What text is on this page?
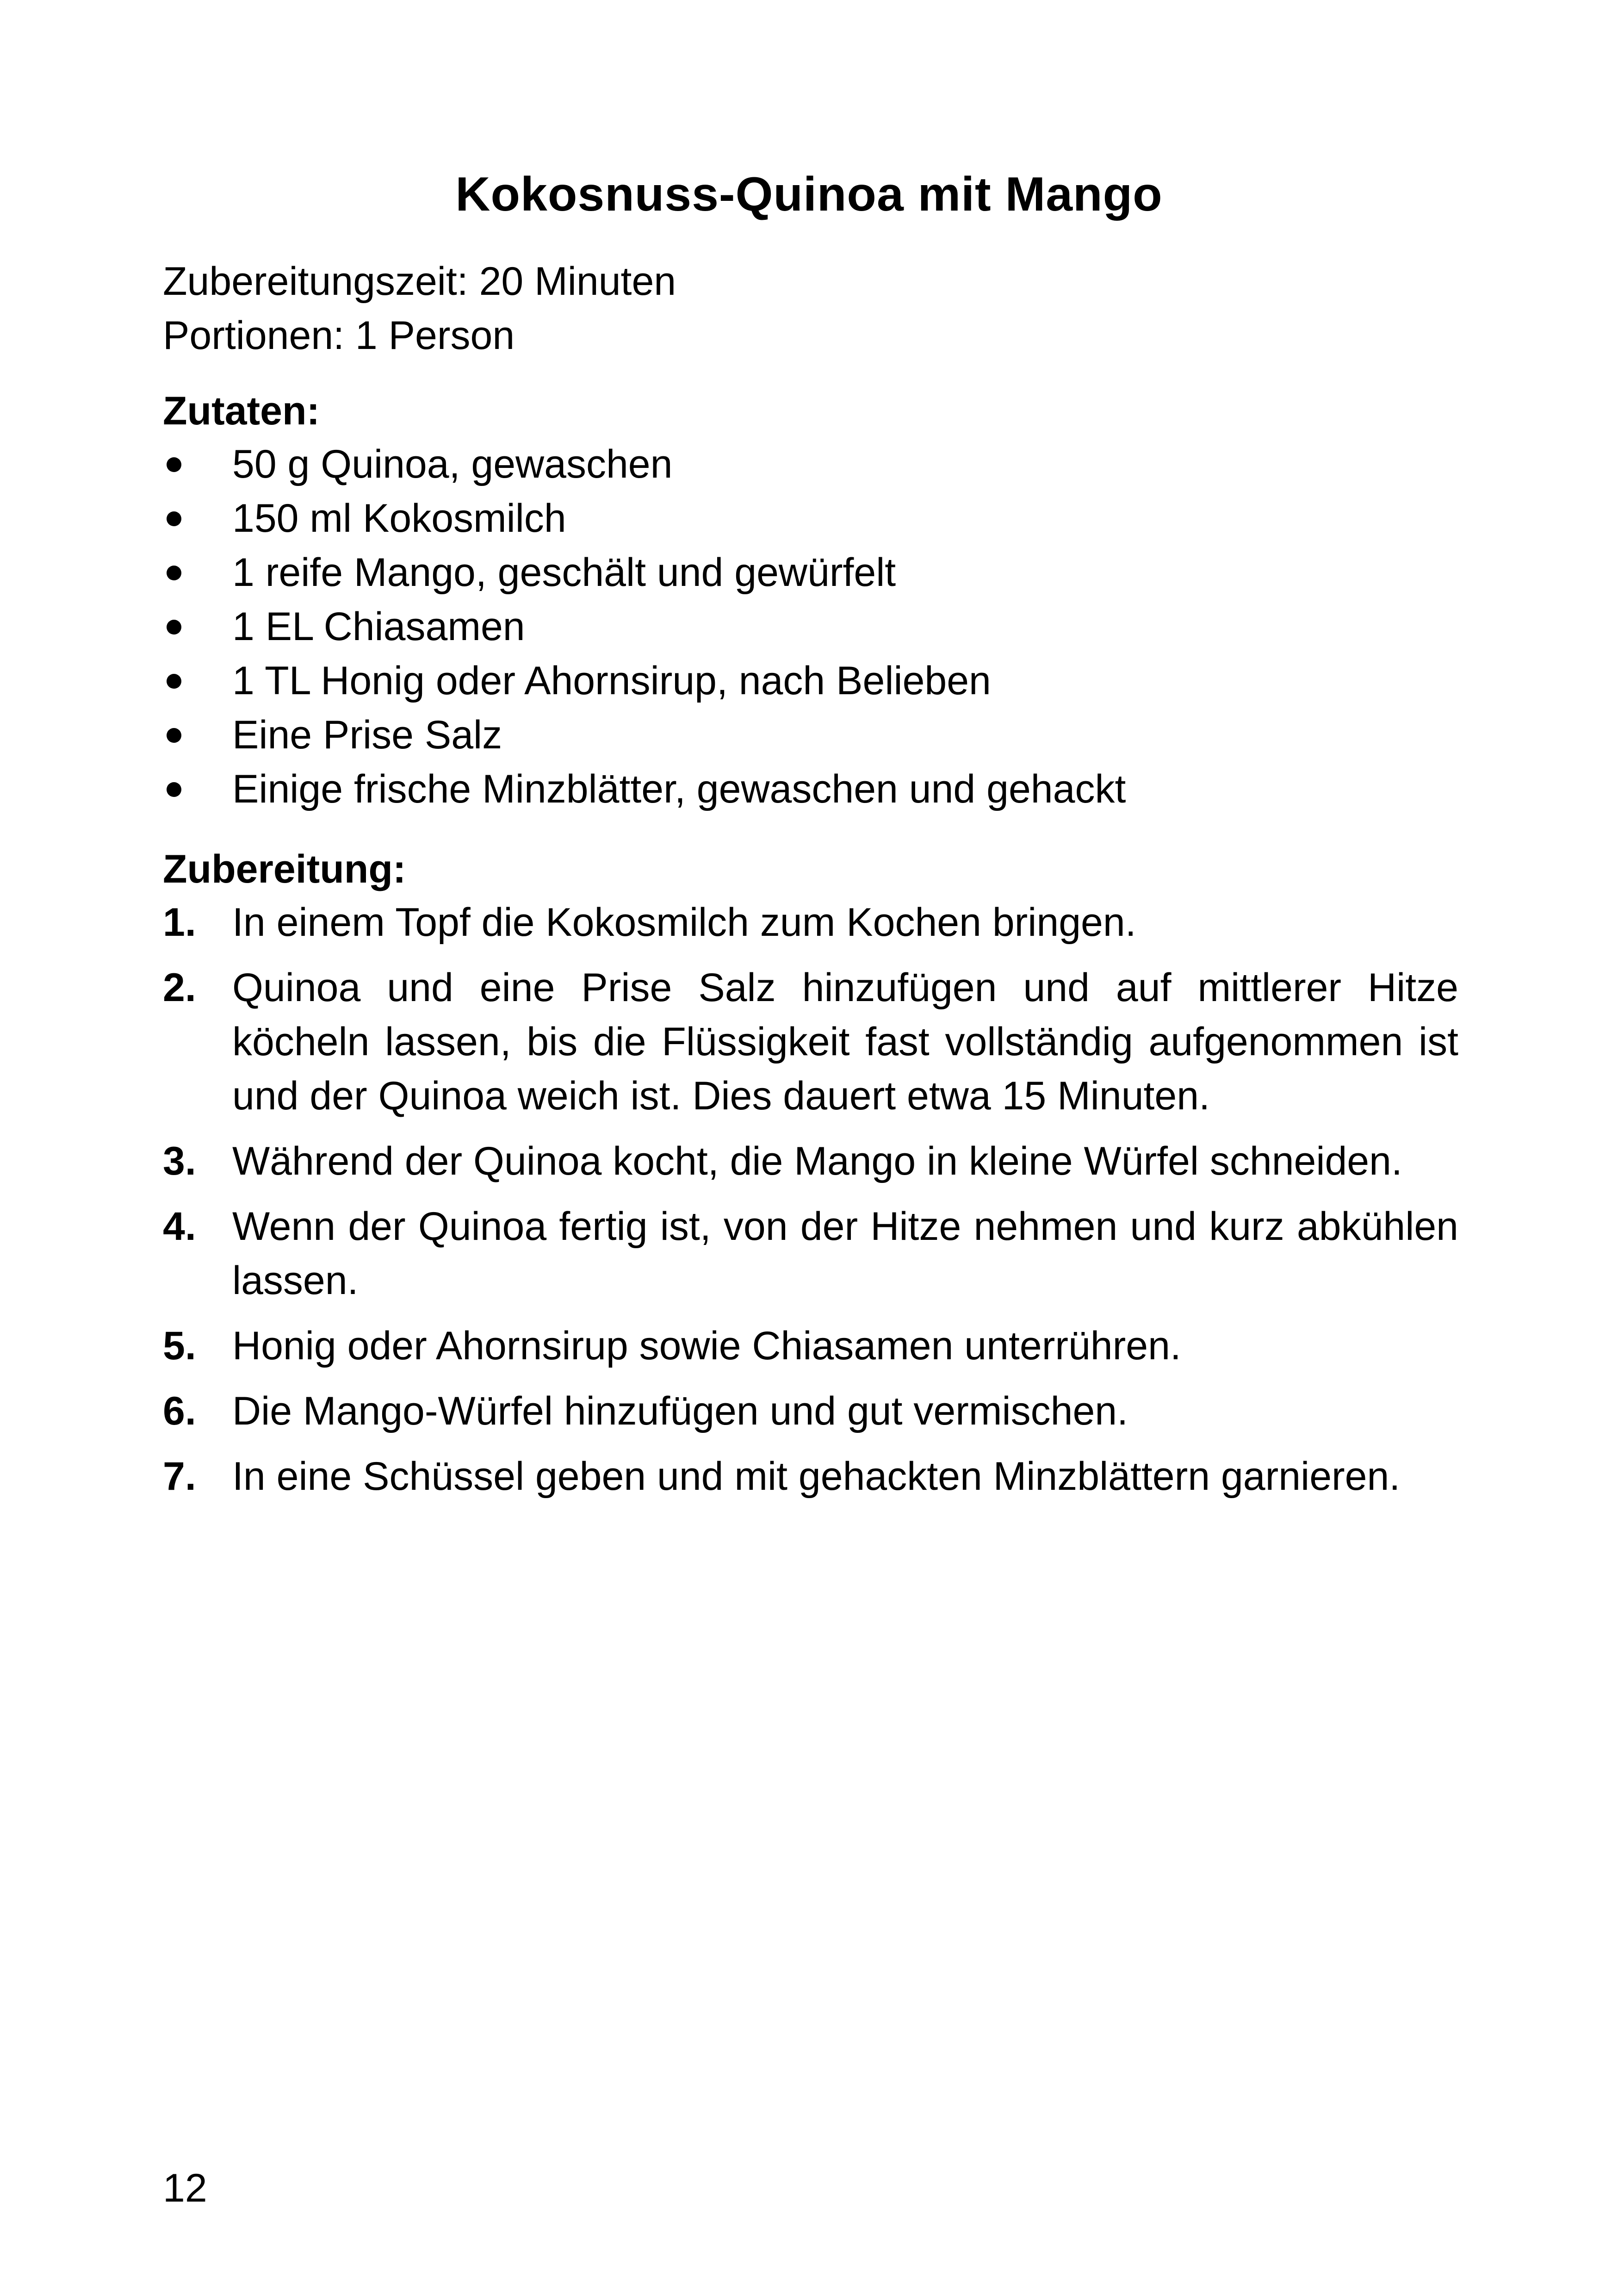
Kokosnuss-Quinoa mit Mango
Zubereitungszeit: 20 Minuten
Portionen: 1 Person
Zutaten:
50 g Quinoa, gewaschen
150 ml Kokosmilch
1 reife Mango, geschält und gewürfelt
1 EL Chiasamen
1 TL Honig oder Ahornsirup, nach Belieben
Eine Prise Salz
Einige frische Minzblätter, gewaschen und gehackt
Zubereitung:
1. In einem Topf die Kokosmilch zum Kochen bringen.
2. Quinoa und eine Prise Salz hinzufügen und auf mittlerer Hitze köcheln lassen, bis die Flüssigkeit fast vollständig aufgenommen ist und der Quinoa weich ist. Dies dauert etwa 15 Minuten.
3. Während der Quinoa kocht, die Mango in kleine Würfel schneiden.
4. Wenn der Quinoa fertig ist, von der Hitze nehmen und kurz abkühlen lassen.
5. Honig oder Ahornsirup sowie Chiasamen unterrühren.
6. Die Mango-Würfel hinzufügen und gut vermischen.
7. In eine Schüssel geben und mit gehackten Minzblättern garnieren.
12
